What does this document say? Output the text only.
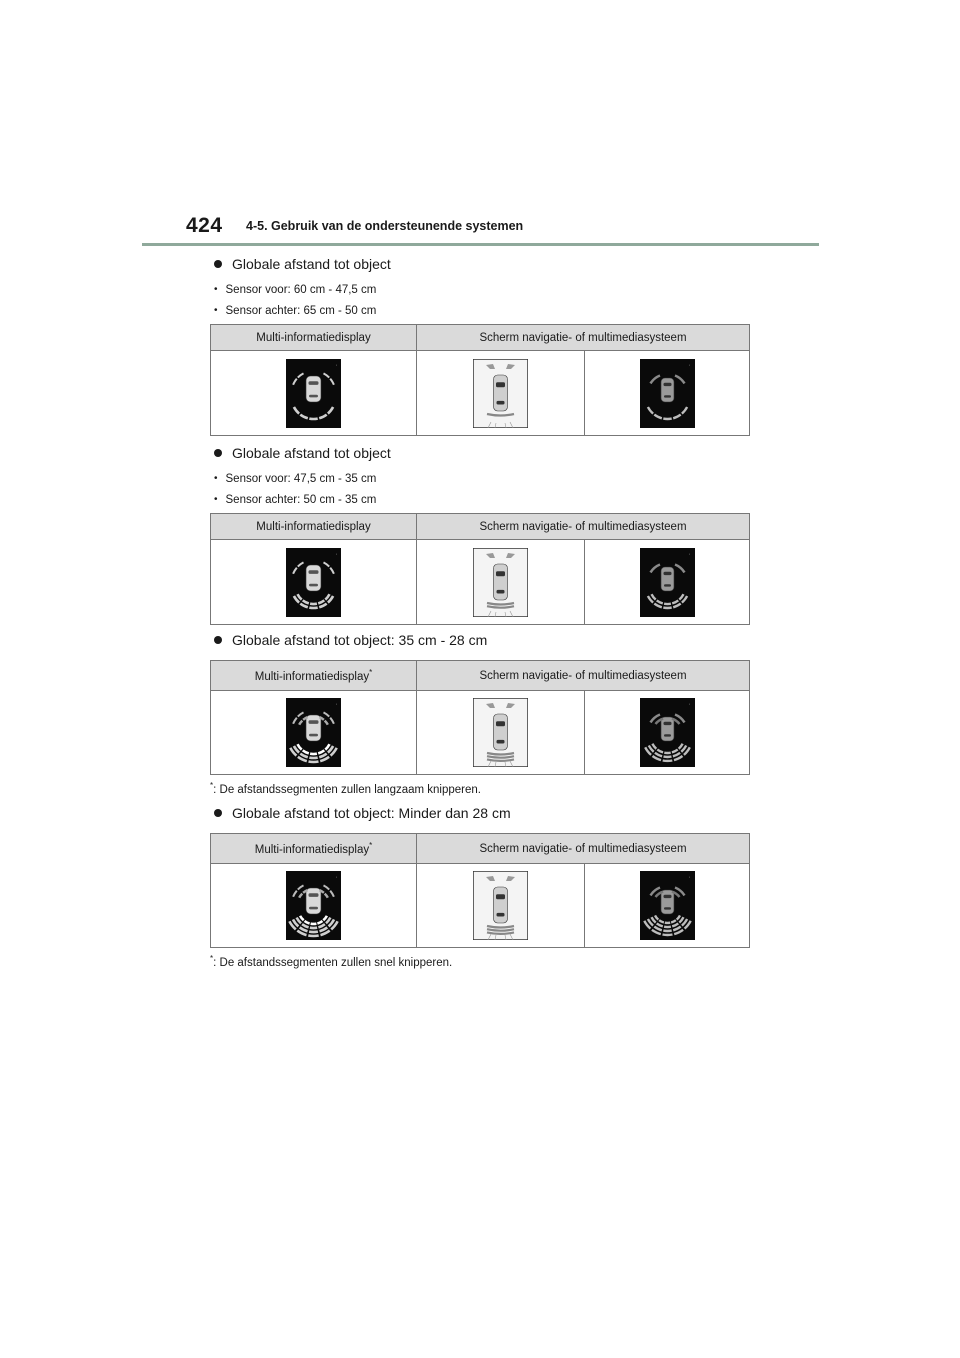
424 4-5. Gebruik van de ondersteunende systemen
Globale afstand tot object
• Sensor voor: 60 cm - 47,5 cm
• Sensor achter: 65 cm - 50 cm
Multi-informatiedisplay	Scherm navigatie- of multimediasysteem	

▪		▪
Globale afstand tot object
• Sensor voor: 47,5 cm - 35 cm
• Sensor achter: 50 cm - 35 cm
Multi-informatiedisplay	Scherm navigatie- of multimediasysteem	

▪		▪
Globale afstand tot object: 35 cm - 28 cm
Multi-informatiedisplay*	Scherm navigatie- of multimediasysteem	

▪		▪
*: De afstandssegmenten zullen langzaam knipperen.
Globale afstand tot object: Minder dan 28 cm
Multi-informatiedisplay*	Scherm navigatie- of multimediasysteem	

▪		▪
*: De afstandssegmenten zullen snel knipperen.
